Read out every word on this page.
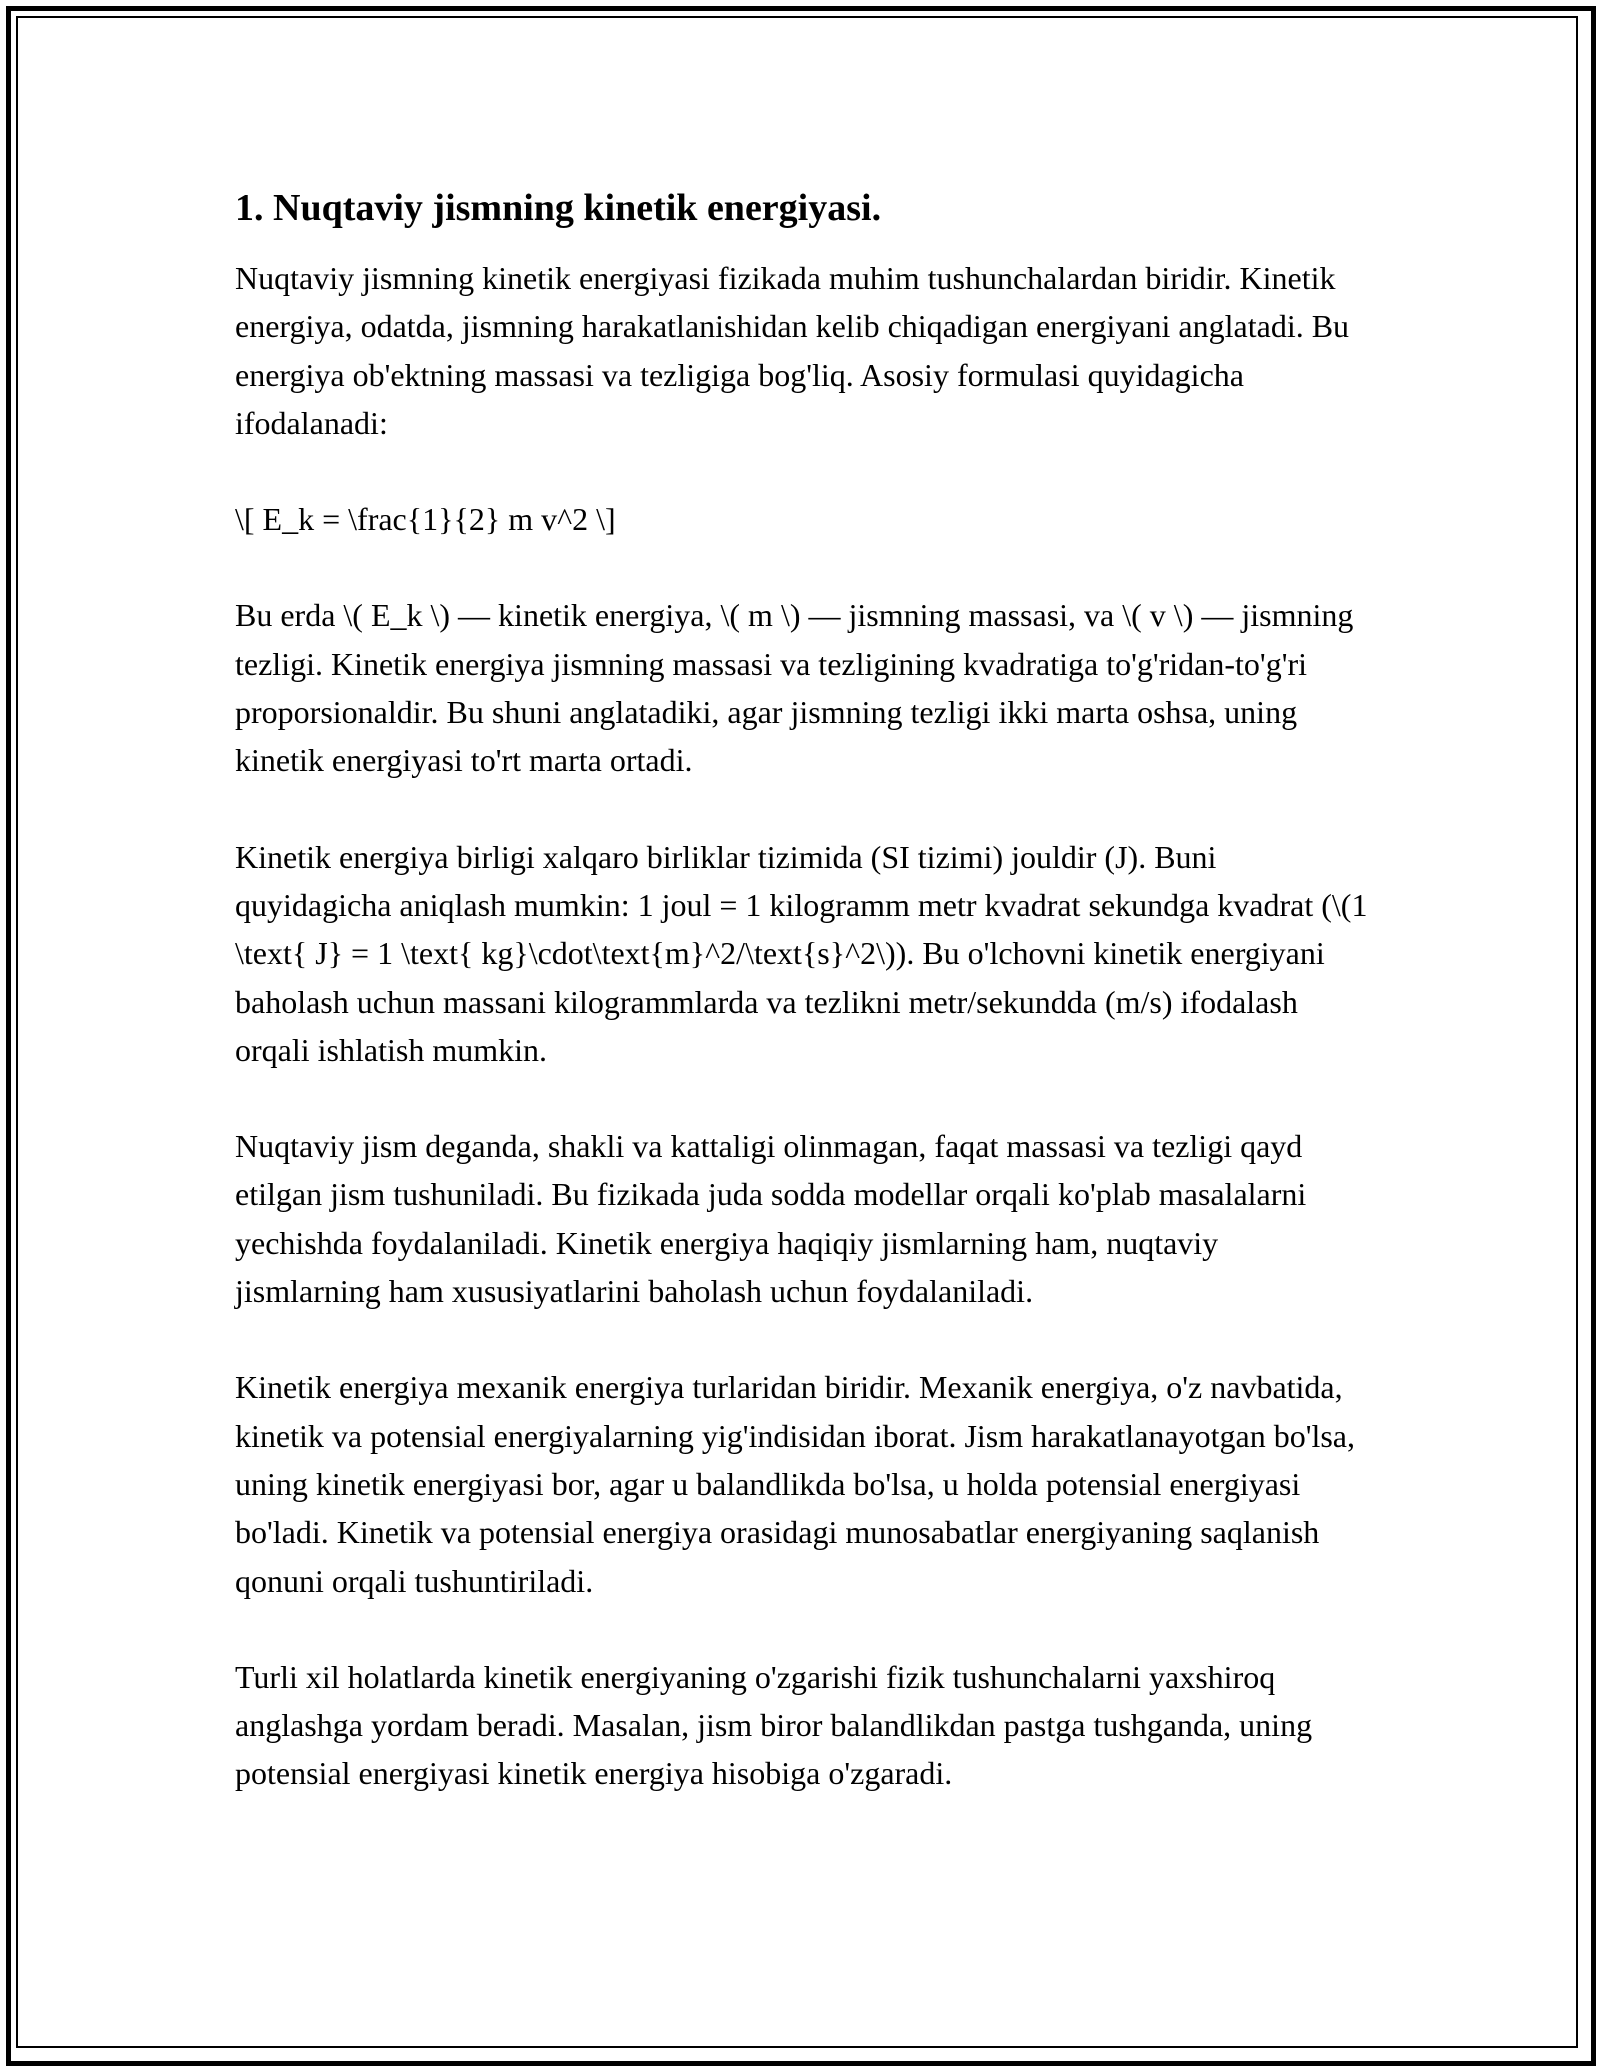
1. Nuqtaviy jismning kinetik energiyasi.

Nuqtaviy jismning kinetik energiyasi fizikada muhim tushunchalardan biridir. Kinetik energiya, odatda, jismning harakatlanishidan kelib chiqadigan energiyani anglatadi. Bu energiya ob'ektning massasi va tezligiga bog'liq. Asosiy formulasi quyidagicha ifodalanadi:

\[ E_k = \frac{1}{2} m v^2 \]

Bu erda \( E_k \) — kinetik energiya, \( m \) — jismning massasi, va \( v \) — jismning tezligi. Kinetik energiya jismning massasi va tezligining kvadratiga to'g'ridan-to'g'ri proporsionaldir. Bu shuni anglatadiki, agar jismning tezligi ikki marta oshsa, uning kinetik energiyasi to'rt marta ortadi.

Kinetik energiya birligi xalqaro birliklar tizimida (SI tizimi) jouldir (J). Buni quyidagicha aniqlash mumkin: 1 joul = 1 kilogramm metr kvadrat sekundga kvadrat (\(1 \text{ J} = 1 \text{ kg}\cdot\text{m}^2/\text{s}^2\)). Bu o'lchovni kinetik energiyani baholash uchun massani kilogrammlarda va tezlikni metr/sekundda (m/s) ifodalash orqali ishlatish mumkin.

Nuqtaviy jism deganda, shakli va kattaligi olinmagan, faqat massasi va tezligi qayd etilgan jism tushuniladi. Bu fizikada juda sodda modellar orqali ko'plab masalalarni yechishda foydalaniladi. Kinetik energiya haqiqiy jismlarning ham, nuqtaviy jismlarning ham xususiyatlarini baholash uchun foydalaniladi.

Kinetik energiya mexanik energiya turlaridan biridir. Mexanik energiya, o'z navbatida, kinetik va potensial energiyalarning yig'indisidan iborat. Jism harakatlanayotgan bo'lsa, uning kinetik energiyasi bor, agar u balandlikda bo'lsa, u holda potensial energiyasi bo'ladi. Kinetik va potensial energiya orasidagi munosabatlar energiyaning saqlanish qonuni orqali tushuntiriladi.

Turli xil holatlarda kinetik energiyaning o'zgarishi fizik tushunchalarni yaxshiroq anglashga yordam beradi. Masalan, jism biror balandlikdan pastga tushganda, uning potensial energiyasi kinetik energiya hisobiga o'zgaradi.
